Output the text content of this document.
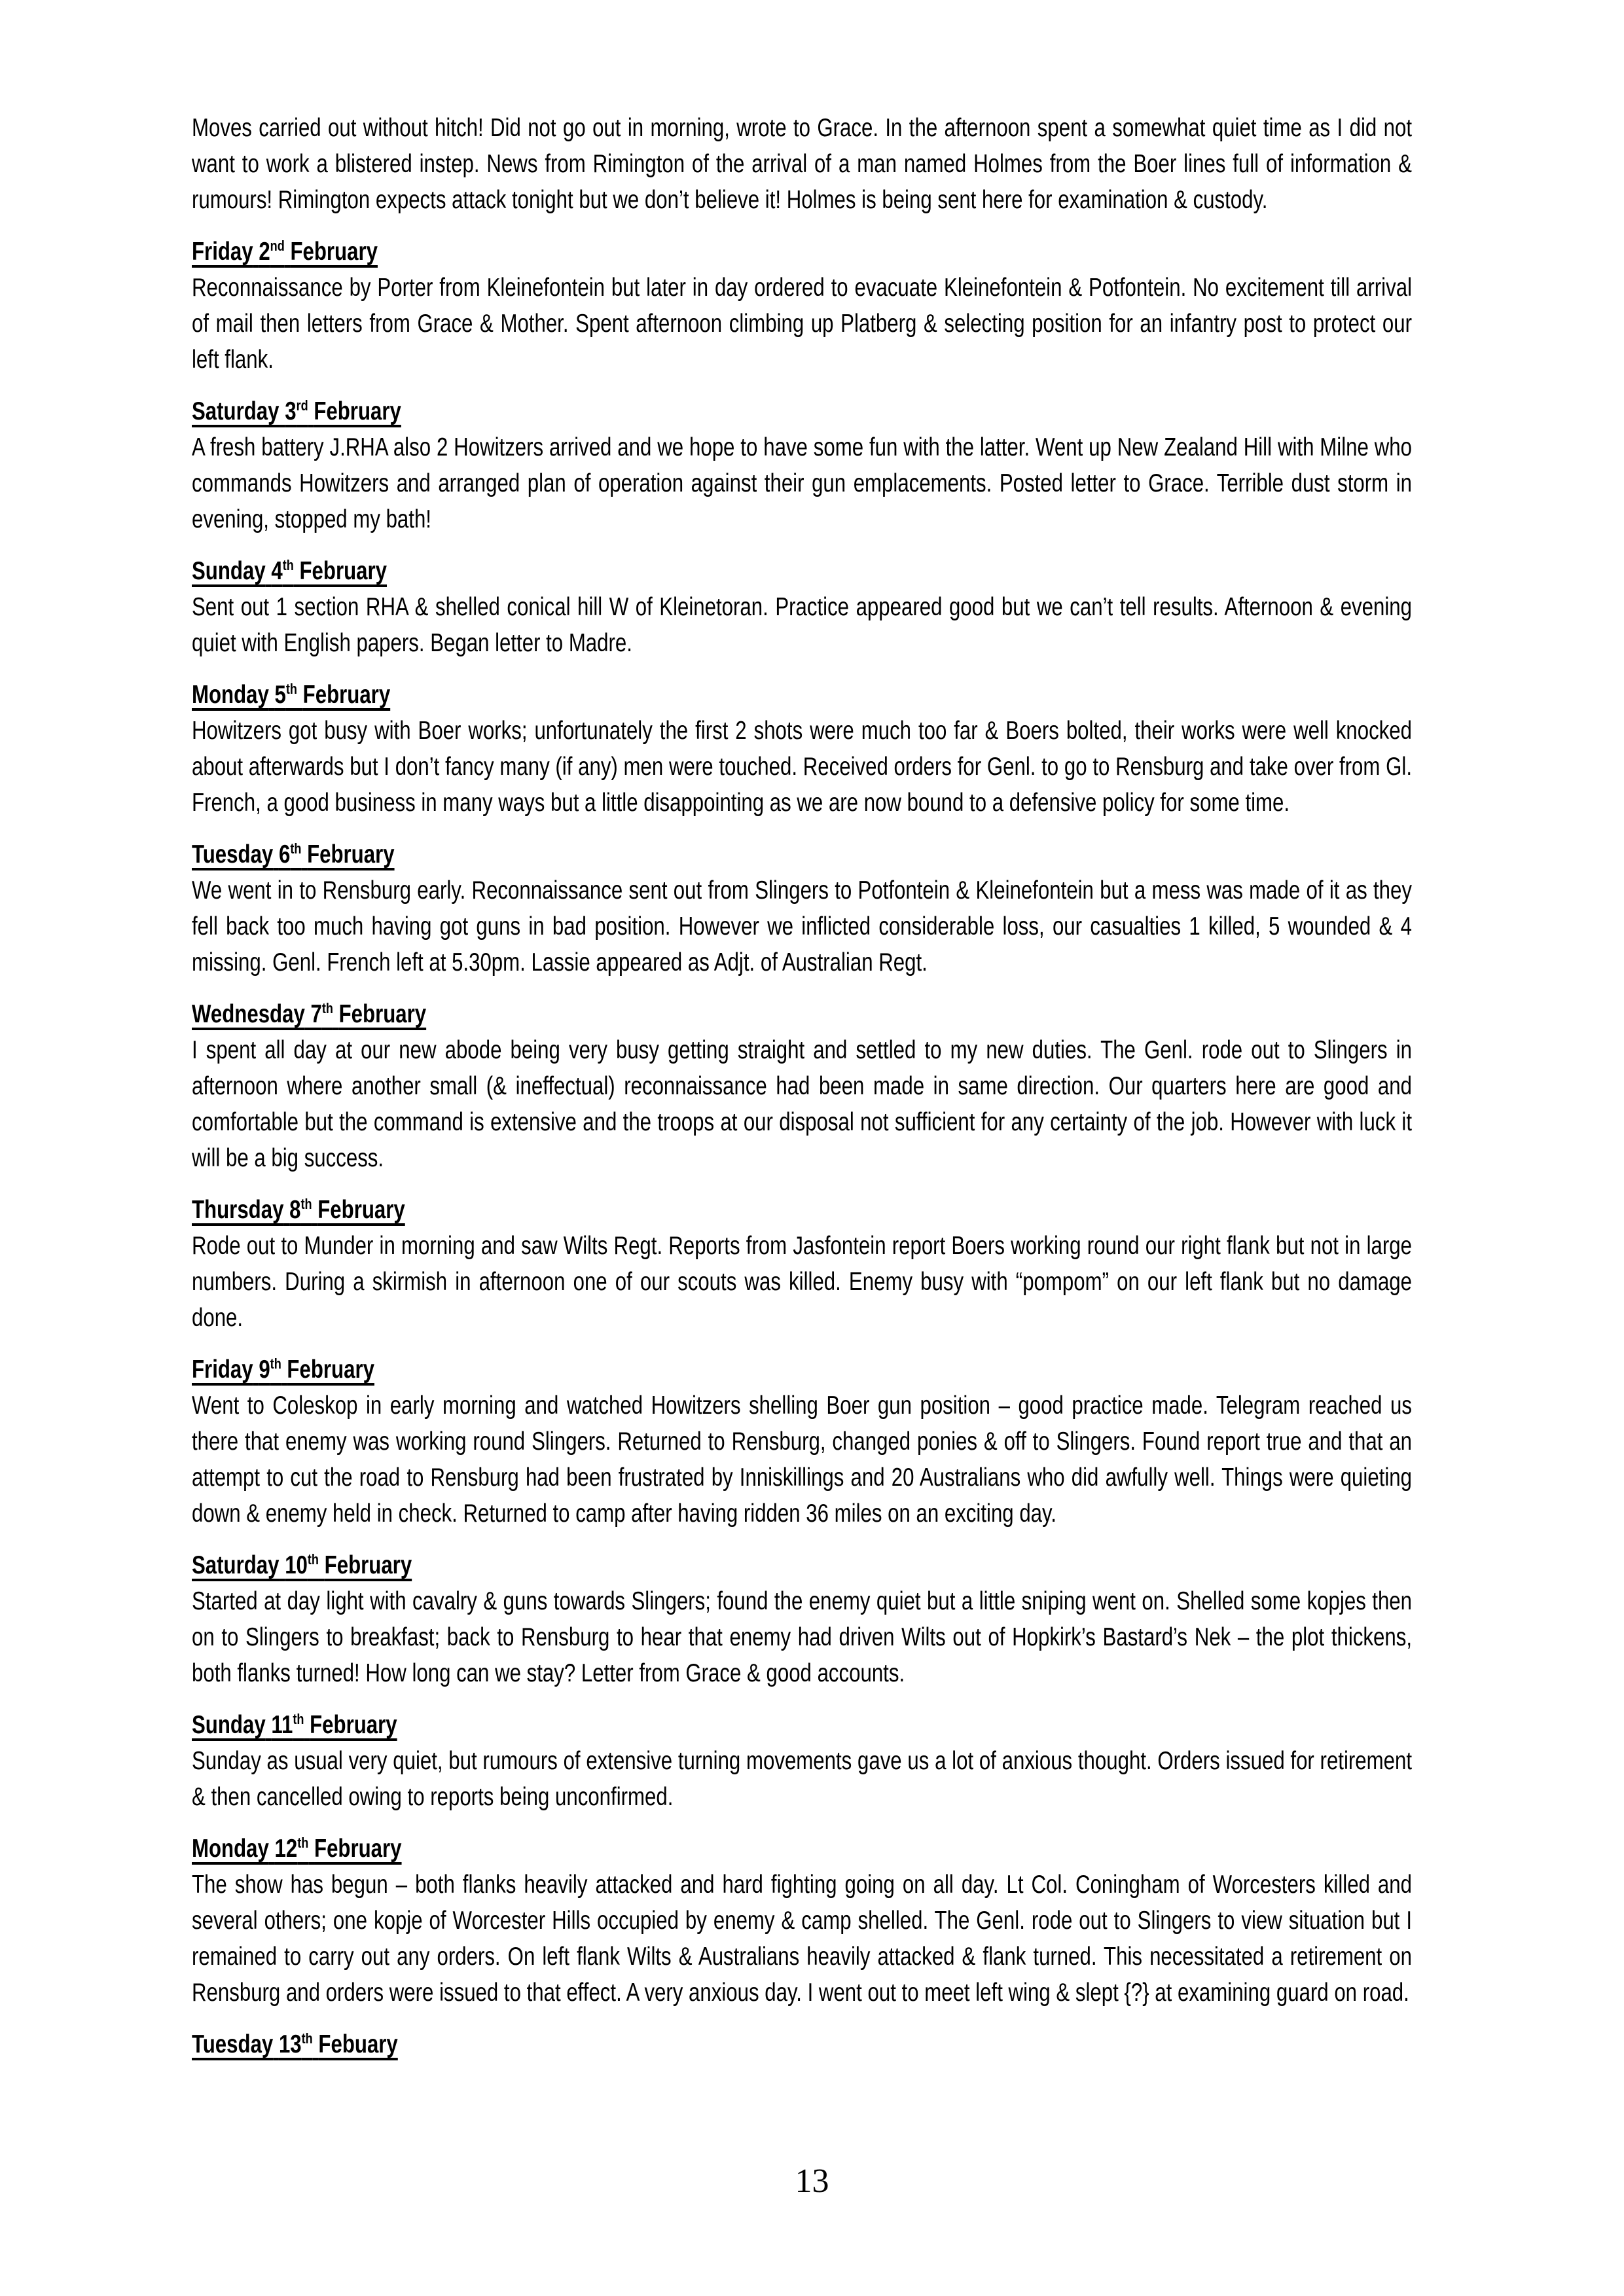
Moves carried out without hitch! Did not go out in morning, wrote to Grace. In the afternoon spent a somewhat quiet time as I did not want to work a blistered instep. News from Rimington of the arrival of a man named Holmes from the Boer lines full of information & rumours! Rimington expects attack tonight but we don’t believe it! Holmes is being sent here for examination & custody.

Friday 2nd February

Reconnaissance by Porter from Kleinefontein but later in day ordered to evacuate Kleinefontein & Potfontein. No excitement till arrival of mail then letters from Grace & Mother. Spent afternoon climbing up Platberg & selecting position for an infantry post to protect our left flank.

Saturday 3rd February

A fresh battery J.RHA also 2 Howitzers arrived and we hope to have some fun with the latter. Went up New Zealand Hill with Milne who commands Howitzers and arranged plan of operation against their gun emplacements. Posted letter to Grace. Terrible dust storm in evening, stopped my bath!

Sunday 4th February

Sent out 1 section RHA & shelled conical hill W of Kleinetoran. Practice appeared good but we can’t tell results. Afternoon & evening quiet with English papers. Began letter to Madre.

Monday 5th February

Howitzers got busy with Boer works; unfortunately the first 2 shots were much too far & Boers bolted, their works were well knocked about afterwards but I don’t fancy many (if any) men were touched. Received orders for Genl. to go to Rensburg and take over from Gl. French, a good business in many ways but a little disappointing as we are now bound to a defensive policy for some time.

Tuesday 6th February

We went in to Rensburg early. Reconnaissance sent out from Slingers to Potfontein & Kleinefontein but a mess was made of it as they fell back too much having got guns in bad position. However we inflicted considerable loss, our casualties 1 killed, 5 wounded & 4 missing. Genl. French left at 5.30pm. Lassie appeared as Adjt. of Australian Regt.

Wednesday 7th February

I spent all day at our new abode being very busy getting straight and settled to my new duties. The Genl. rode out to Slingers in afternoon where another small (& ineffectual) reconnaissance had been made in same direction. Our quarters here are good and comfortable but the command is extensive and the troops at our disposal not sufficient for any certainty of the job. However with luck it will be a big success.

Thursday 8th February

Rode out to Munder in morning and saw Wilts Regt. Reports from Jasfontein report Boers working round our right flank but not in large numbers. During a skirmish in afternoon one of our scouts was killed. Enemy busy with “pompom” on our left flank but no damage done.

Friday 9th February

Went to Coleskop in early morning and watched Howitzers shelling Boer gun position – good practice made. Telegram reached us there that enemy was working round Slingers. Returned to Rensburg, changed ponies & off to Slingers. Found report true and that an attempt to cut the road to Rensburg had been frustrated by Inniskillings and 20 Australians who did awfully well. Things were quieting down & enemy held in check. Returned to camp after having ridden 36 miles on an exciting day.

Saturday 10th February

Started at day light with cavalry & guns towards Slingers; found the enemy quiet but a little sniping went on. Shelled some kopjes then on to Slingers to breakfast; back to Rensburg to hear that enemy had driven Wilts out of Hopkirk’s Bastard’s Nek – the plot thickens, both flanks turned! How long can we stay? Letter from Grace & good accounts.

Sunday 11th February

Sunday as usual very quiet, but rumours of extensive turning movements gave us a lot of anxious thought. Orders issued for retirement & then cancelled owing to reports being unconfirmed.

Monday 12th February

The show has begun – both flanks heavily attacked and hard fighting going on all day. Lt Col. Coningham of Worcesters killed and several others; one kopje of Worcester Hills occupied by enemy & camp shelled. The Genl. rode out to Slingers to view situation but I remained to carry out any orders. On left flank Wilts & Australians heavily attacked & flank turned. This necessitated a retirement on Rensburg and orders were issued to that effect. A very anxious day. I went out to meet left wing & slept {?} at examining guard on road.

Tuesday 13th Febuary
13
